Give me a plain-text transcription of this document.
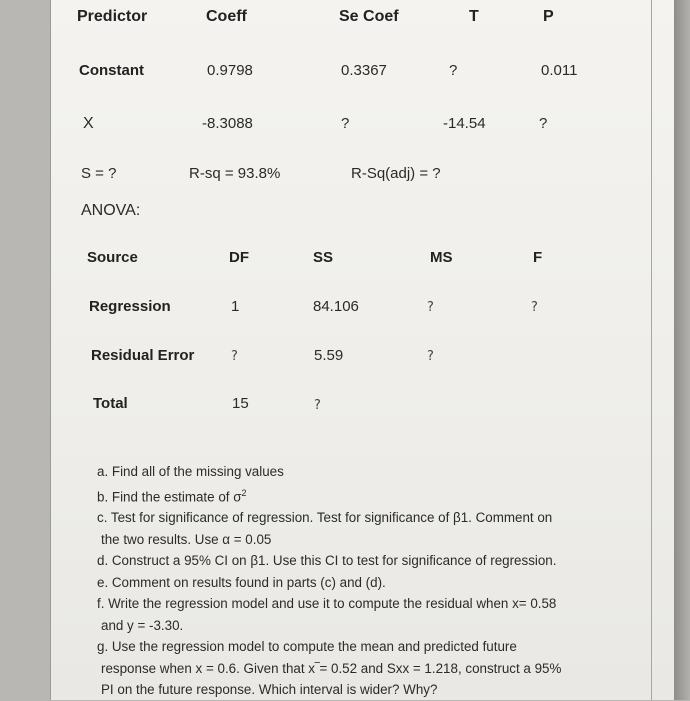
Predictor	Coeff	Se Coef	T	P
Constant	0.9798	0.3367	?	0.011
X	-8.3088	?	-14.54	?
S = ?	R-sq = 93.8%	R-Sq(adj) = ?
ANOVA:
Source	DF	SS	MS	F
Regression	1	84.106	?	?
Residual Error	?	5.59	?
Total	15	?
a. Find all of the missing values
b. Find the estimate of $\sigma^2$
c. Test for significance of regression. Test for significance of β1. Comment on
the two results. Use α = 0.05
d. Construct a 95% CI on β1. Use this CI to test for significance of regression.
e. Comment on results found in parts (c) and (d).
f. Write the regression model and use it to compute the residual when x= 0.58
and y = -3.30.
g. Use the regression model to compute the mean and predicted future
response when x = 0.6. Given that x‾= 0.52 and Sxx = 1.218, construct a 95%
PI on the future response. Which interval is wider? Why?
